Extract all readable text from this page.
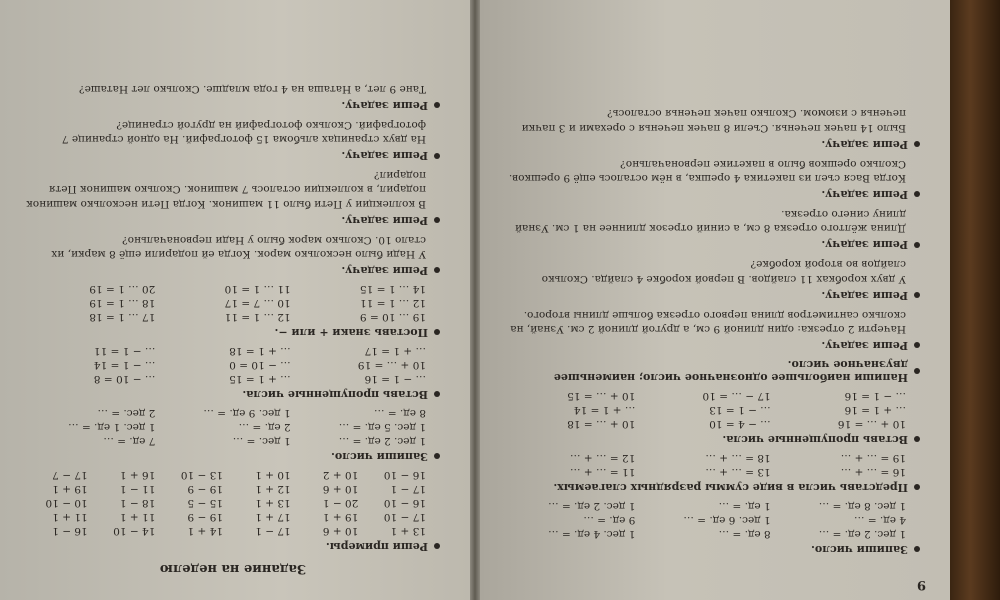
Задание на неделю
Реши примеры.
13 + 1
10 + 6
17 − 1
14 + 1
14 − 10
16 − 1
17 − 10
19 + 1
17 + 1
19 − 9
11 + 1
11 + 1
16 − 10
20 − 1
13 + 1
15 − 5
18 − 1
10 − 10
17 − 1
10 + 6
12 + 1
19 − 9
11 − 1
19 + 1
16 − 10
10 + 2
10 + 1
13 − 10
16 + 1
17 − 7
Запиши число.
1 дес. 2 ед. = …
1 дес. = …
7 ед. = …
1 дес. 5 ед. = …
2 ед. = …
1 дес. 1 ед. = …
8 ед. = …
1 дес. 9 ед. = …
2 дес. = …
Вставь пропущенные числа.
… − 1 = 16
… + 1 = 15
… − 10 = 8
10 + … = 19
… − 10 = 0
… − 1 = 14
… + 1 = 17
… + 1 = 18
… − 1 = 11
Поставь знаки + или −.
19 … 10 = 9
12 … 1 = 11
17 … 1 = 18
12 … 1 = 11
10 … 7 = 17
18 … 1 = 19
14 … 1 = 15
11 … 1 = 10
20 … 1 = 19
Реши задачу.
У Нади было несколько марок. Когда ей подарили ещё 8 марки, их стало 10. Сколько марок было у Нади первоначально?
Реши задачу.
В коллекции у Пети было 11 машинок. Когда Пети несколько машинок подарил, в коллекции осталось 7 машинок. Сколько машинок Петя подарил?
Реши задачу.
На двух страницах альбома 15 фотографий. На одной странице 7 фотографий. Сколько фотографий на другой странице?
Реши задачу.
Тане 9 лет, а Наташа на 4 года младше. Сколько лет Наташе?
9
Запиши число.
1 дес. 2 ед. = …
8 ед. = …
1 дес. 4 ед. = …
4 ед. = …
1 дес. 6 ед. = …
9 ед. = …
1 дес. 8 ед. = …
1 ед. = …
1 дес. 2 ед. = …
Представь числа в виде суммы разрядных слагаемых.
16 = … + …
13 = … + …
11 = … + …
19 = … + …
18 = … + …
12 = … + …
Вставь пропущенные числа.
10 + … = 16
… − 4 = 10
10 + … = 18
… + 1 = 16
… − 1 = 13
… + 1 = 14
… − 1 = 16
17 − … = 10
10 + … = 15
Напиши наибольшее однозначное число; наименьшее двузначное число.
Реши задачу.
Начерти 2 отрезка: один длиной 9 см, а другой длиной 2 см. Узнай, на сколько сантиметров длина первого отрезка больше длины второго.
Реши задачу.
У двух коробках 11 слайдов. В первой коробке 4 слайда. Сколько слайдов во второй коробке?
Реши задачу.
Длина жёлтого отрезка 8 см, а синий отрезок длиннее на 1 см. Узнай длину синего отрезка.
Реши задачу.
Когда Вася съел из пакетика 4 орешка, в нём осталось ещё 9 орешков. Сколько орешков было в пакетике первоначально?
Реши задачу.
Было 14 пачек печенья. Съели 8 пачек печенья с орехами и 3 пачки печенья с изюмом. Сколько пачек печенья осталось?
